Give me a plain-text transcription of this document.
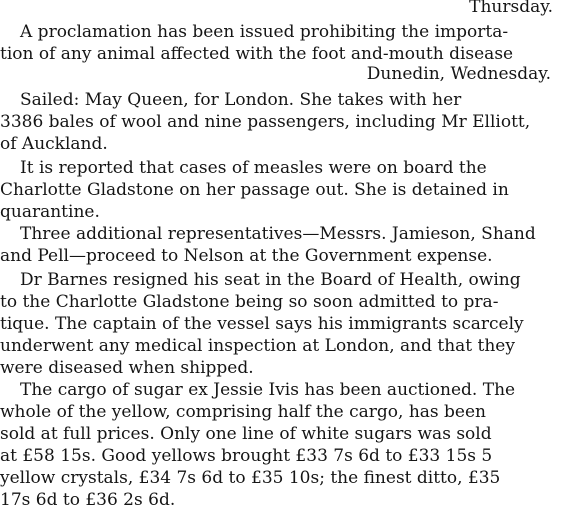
Thursday.

A proclamation has been issued prohibiting the importa-

tion of any animal affected with the foot and-mouth disease

Dunedin, Wednesday.

Sailed: May Queen, for London. She takes with her

3386 bales of wool and nine passengers, including Mr Elliott,

of Auckland.

It is reported that cases of measles were on board the

Charlotte Gladstone on her passage out. She is detained in

quarantine.

Three additional representatives—Messrs. Jamieson, Shand

and Pell—proceed to Nelson at the Government expense.

Dr Barnes resigned his seat in the Board of Health, owing

to the Charlotte Gladstone being so soon admitted to pra-

tique. The captain of the vessel says his immigrants scarcely

underwent any medical inspection at London, and that they

were diseased when shipped.

The cargo of sugar ex Jessie Ivis has been auctioned. The

whole of the yellow, comprising half the cargo, has been

sold at full prices. Only one line of white sugars was sold

at £58 15s. Good yellows brought £33 7s 6d to £33 15s 5

yellow crystals, £34 7s 6d to £35 10s; the finest ditto, £35

17s 6d to £36 2s 6d.
